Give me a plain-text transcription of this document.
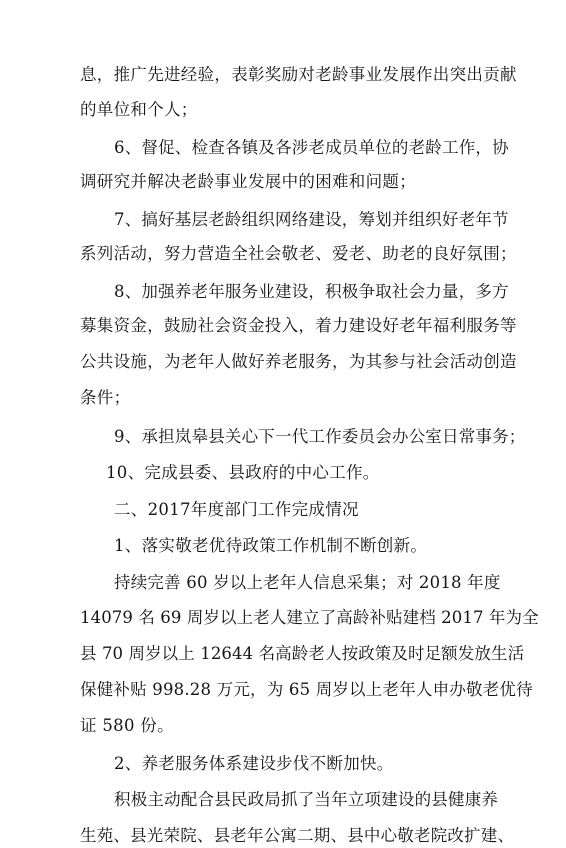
息，推广先进经验，表彰奖励对老龄事业发展作出突出贡献
的单位和个人；
6、督促、检查各镇及各涉老成员单位的老龄工作，协
调研究并解决老龄事业发展中的困难和问题；
7、搞好基层老龄组织网络建设，筹划并组织好老年节
系列活动，努力营造全社会敬老、爱老、助老的良好氛围；
8、加强养老年服务业建设，积极争取社会力量，多方
募集资金，鼓励社会资金投入，着力建设好老年福利服务等
公共设施，为老年人做好养老服务，为其参与社会活动创造
条件；
9、承担岚皋县关心下一代工作委员会办公室日常事务；
10、完成县委、县政府的中心工作。
二、2017年度部门工作完成情况
1、落实敬老优待政策工作机制不断创新。
持续完善 60 岁以上老年人信息采集；对 2018 年度
14079 名 69 周岁以上老人建立了高龄补贴建档 2017 年为全
县 70 周岁以上 12644 名高龄老人按政策及时足额发放生活
保健补贴 998.28 万元，为 65 周岁以上老年人申办敬老优待
证 580 份。
2、养老服务体系建设步伐不断加快。
积极主动配合县民政局抓了当年立项建设的县健康养
生苑、县光荣院、县老年公寓二期、县中心敬老院改扩建、
